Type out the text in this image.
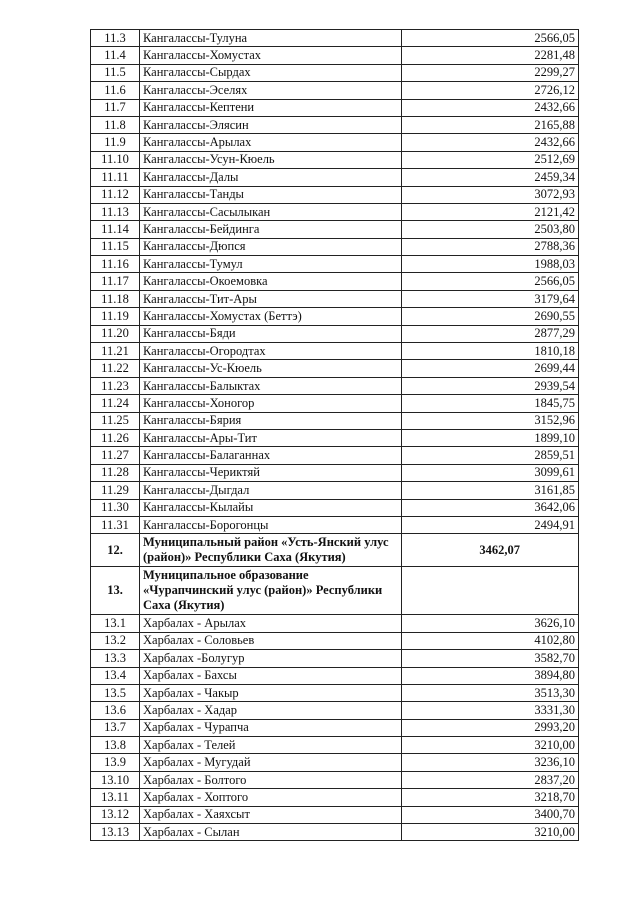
11.3	Кангалассы-Тулуна	2566,05
11.4	Кангалассы-Хомустах	2281,48
11.5	Кангалассы-Сырдах	2299,27
11.6	Кангалассы-Эселях	2726,12
11.7	Кангалассы-Кептени	2432,66
11.8	Кангалассы-Элясин	2165,88
11.9	Кангалассы-Арылах	2432,66
11.10	Кангалассы-Усун-Кюель	2512,69
11.11	Кангалассы-Далы	2459,34
11.12	Кангалассы-Танды	3072,93
11.13	Кангалассы-Сасылыкан	2121,42
11.14	Кангалассы-Бейдинга	2503,80
11.15	Кангалассы-Дюпся	2788,36
11.16	Кангалассы-Тумул	1988,03
11.17	Кангалассы-Окоемовка	2566,05
11.18	Кангалассы-Тит-Ары	3179,64
11.19	Кангалассы-Хомустах (Беттэ)	2690,55
11.20	Кангалассы-Бяди	2877,29
11.21	Кангалассы-Огородтах	1810,18
11.22	Кангалассы-Ус-Кюель	2699,44
11.23	Кангалассы-Балыктах	2939,54
11.24	Кангалассы-Хоногор	1845,75
11.25	Кангалассы-Бярия	3152,96
11.26	Кангалассы-Ары-Тит	1899,10
11.27	Кангалассы-Балаганнах	2859,51
11.28	Кангалассы-Чериктяй	3099,61
11.29	Кангалассы-Дыгдал	3161,85
11.30	Кангалассы-Кылайы	3642,06
11.31	Кангалассы-Борогонцы	2494,91
12.	Муниципальный район «Усть-Янский улус (район)» Республики Саха (Якутия)	3462,07
13.	Муниципальное образование «Чурапчинский улус (район)» Республики Саха (Якутия)	
13.1	Харбалах - Арылах	3626,10
13.2	Харбалах - Соловьев	4102,80
13.3	Харбалах -Болугур	3582,70
13.4	Харбалах - Бахсы	3894,80
13.5	Харбалах - Чакыр	3513,30
13.6	Харбалах - Хадар	3331,30
13.7	Харбалах - Чурапча	2993,20
13.8	Харбалах - Телей	3210,00
13.9	Харбалах - Мугудай	3236,10
13.10	Харбалах - Болтого	2837,20
13.11	Харбалах - Хоптого	3218,70
13.12	Харбалах - Хаяхсыт	3400,70
13.13	Харбалах - Сылан	3210,00
